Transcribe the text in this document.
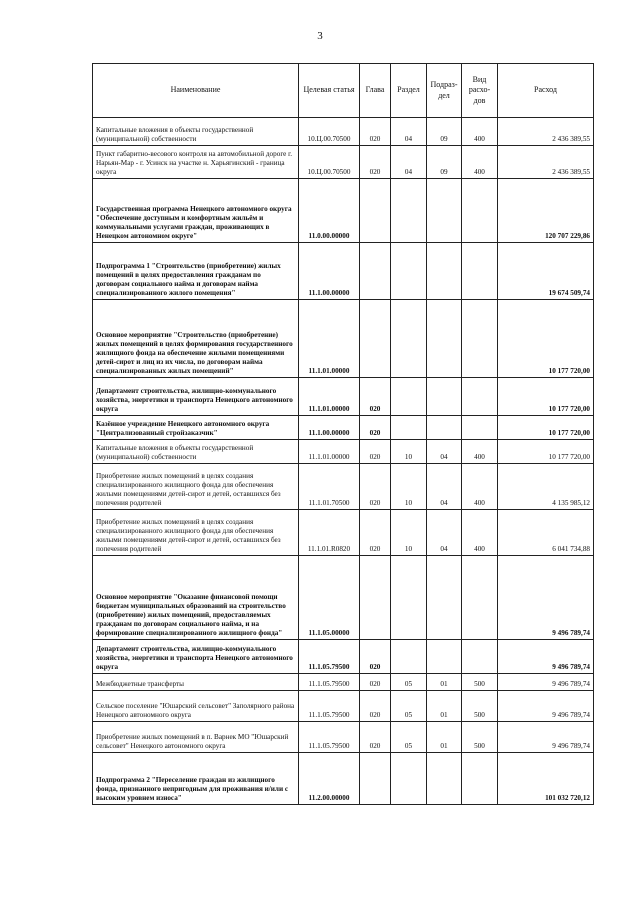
3
Наименование	Целевая статья	Глава	Раздел	Подраз-дел	Вид расхо-дов	Расход
Капитальные вложения в объекты государственной (муниципальной) собственности	10.Ц.00.70500	020	04	09	400	2 436 389,55
Пункт габаритно-весового контроля на автомобильной дороге г. Нарьян-Мар - г. Усинск на участке н. Харьягинский - граница округа	10.Ц.00.70500	020	04	09	400	2 436 389,55
Государственная программа Ненецкого автономного округа "Обеспечение доступным и комфортным жильём и коммунальными услугами граждан, проживающих в Ненецком автономном округе"	11.0.00.00000					120 707 229,86
Подпрограмма 1 "Строительство (приобретение) жилых помещений в целях предоставления гражданам по договорам социального найма и договорам найма специализированного жилого помещения"	11.1.00.00000					19 674 509,74
Основное мероприятие "Строительство (приобретение) жилых помещений в целях формирования государственного жилищного фонда на обеспечение жилыми помещениями детей-сирот и лиц из их числа, по договорам найма специализированных жилых помещений"	11.1.01.00000					10 177 720,00
Департамент строительства, жилищно-коммунального хозяйства, энергетики и транспорта Ненецкого автономного округа	11.1.01.00000	020				10 177 720,00
Казённое учреждение Ненецкого автономного округа "Централизованный стройзаказчик"	11.1.00.00000	020				10 177 720,00
Капитальные вложения в объекты государственной (муниципальной) собственности	11.1.01.00000	020	10	04	400	10 177 720,00
Приобретение жилых помещений в целях создания специализированного жилищного фонда для обеспечения жилыми помещениями детей-сирот и детей, оставшихся без попечения родителей	11.1.01.70500	020	10	04	400	4 135 985,12
Приобретение жилых помещений в целях создания специализированного жилищного фонда для обеспечения жилыми помещениями детей-сирот и детей, оставшихся без попечения родителей	11.1.01.R0820	020	10	04	400	6 041 734,88
Основное мероприятие "Оказание финансовой помощи бюджетам муниципальных образований на строительство (приобретение) жилых помещений, предоставляемых гражданам по договорам социального найма, и на формирование специализированного жилищного фонда"	11.1.05.00000					9 496 789,74
Департамент строительства, жилищно-коммунального хозяйства, энергетики и транспорта Ненецкого автономного округа	11.1.05.79500	020				9 496 789,74
Межбюджетные трансферты	11.1.05.79500	020	05	01	500	9 496 789,74
Сельское поселение "Юшарский сельсовет" Заполярного района Ненецкого автономного округа	11.1.05.79500	020	05	01	500	9 496 789,74
Приобретение жилых помещений в п. Варнек МО "Юшарский сельсовет" Ненецкого автономного округа	11.1.05.79500	020	05	01	500	9 496 789,74
Подпрограмма 2 "Переселение граждан из жилищного фонда, признанного непригодным для проживания и/или с высоким уровнем износа"	11.2.00.00000					101 032 720,12
